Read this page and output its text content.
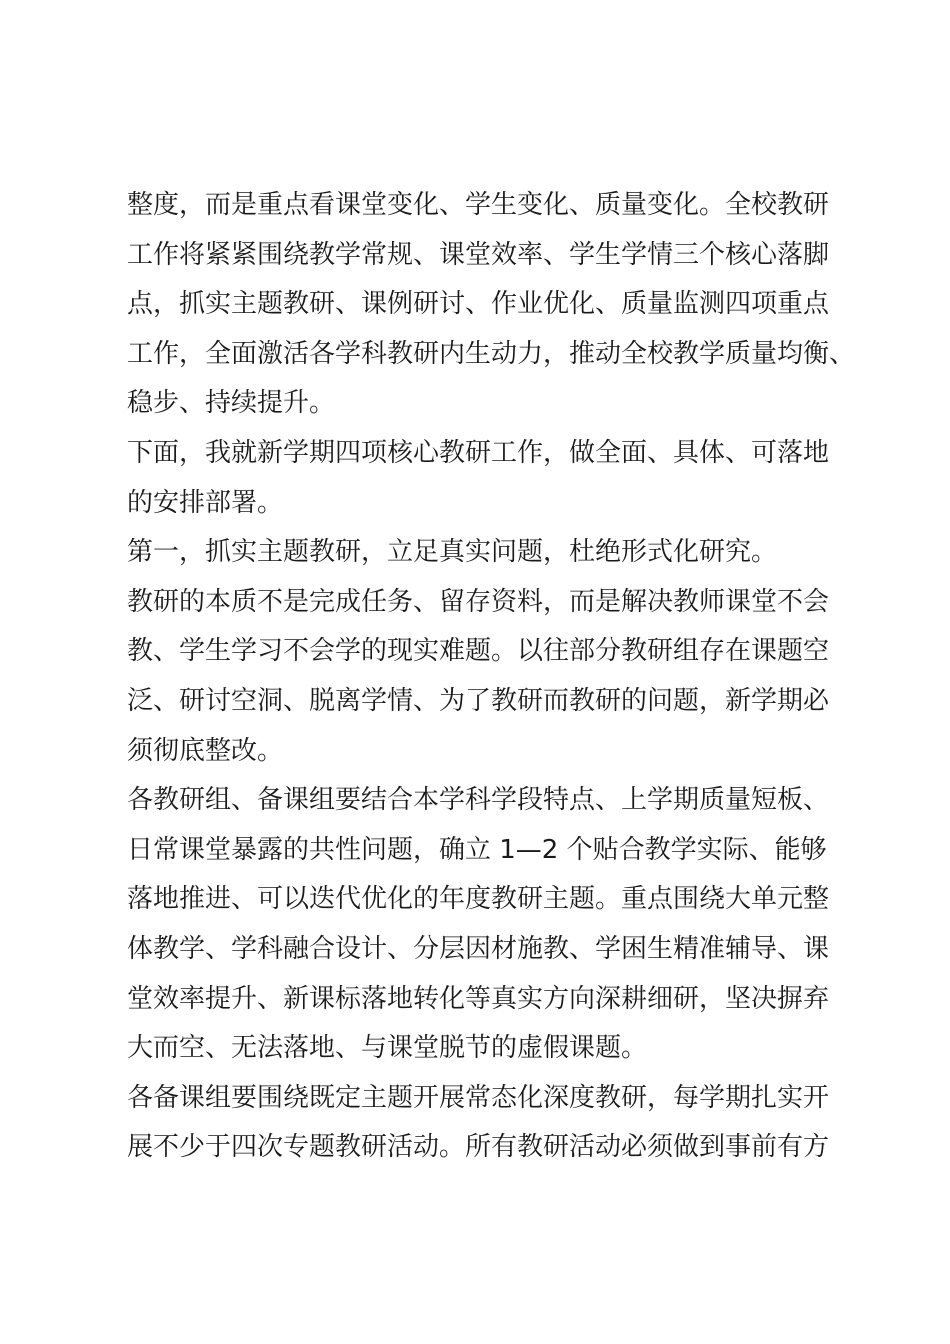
整度，而是重点看课堂变化、学生变化、质量变化。全校教研
工作将紧紧围绕教学常规、课堂效率、学生学情三个核心落脚
点，抓实主题教研、课例研讨、作业优化、质量监测四项重点
工作，全面激活各学科教研内生动力，推动全校教学质量均衡、
稳步、持续提升。
下面，我就新学期四项核心教研工作，做全面、具体、可落地
的安排部署。
第一，抓实主题教研，立足真实问题，杜绝形式化研究。
教研的本质不是完成任务、留存资料，而是解决教师课堂不会
教、学生学习不会学的现实难题。以往部分教研组存在课题空
泛、研讨空洞、脱离学情、为了教研而教研的问题，新学期必
须彻底整改。
各教研组、备课组要结合本学科学段特点、上学期质量短板、
日常课堂暴露的共性问题，确立 1—2 个贴合教学实际、能够
落地推进、可以迭代优化的年度教研主题。重点围绕大单元整
体教学、学科融合设计、分层因材施教、学困生精准辅导、课
堂效率提升、新课标落地转化等真实方向深耕细研，坚决摒弃
大而空、无法落地、与课堂脱节的虚假课题。
各备课组要围绕既定主题开展常态化深度教研，每学期扎实开
展不少于四次专题教研活动。所有教研活动必须做到事前有方
